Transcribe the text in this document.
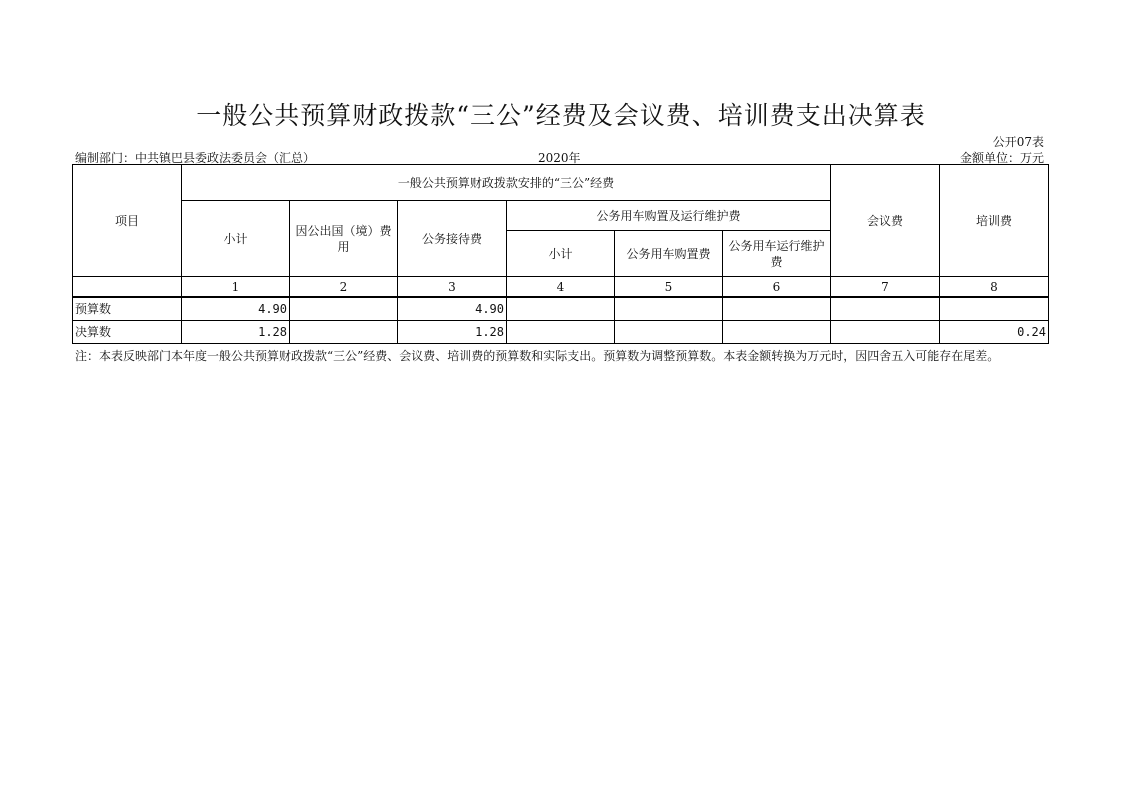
一般公共预算财政拨款“三公”经费及会议费、培训费支出决算表
公开07表
编制部门：中共镇巴县委政法委员会（汇总）	2020年	金额单位：万元
项目	一般公共预算财政拨款安排的“三公”经费						会议费	培训费
	小计	因公出国（境）费用	公务接待费	公务用车购置及运行维护费				
				小计	公务用车购置费	公务用车运行维护费		
	1	2	3	4	5	6	7	8
预算数	4.90		4.90					
决算数	1.28		1.28					0.24
注：本表反映部门本年度一般公共预算财政拨款“三公”经费、会议费、培训费的预算数和实际支出。预算数为调整预算数。本表金额转换为万元时，因四舍五入可能存在尾差。
